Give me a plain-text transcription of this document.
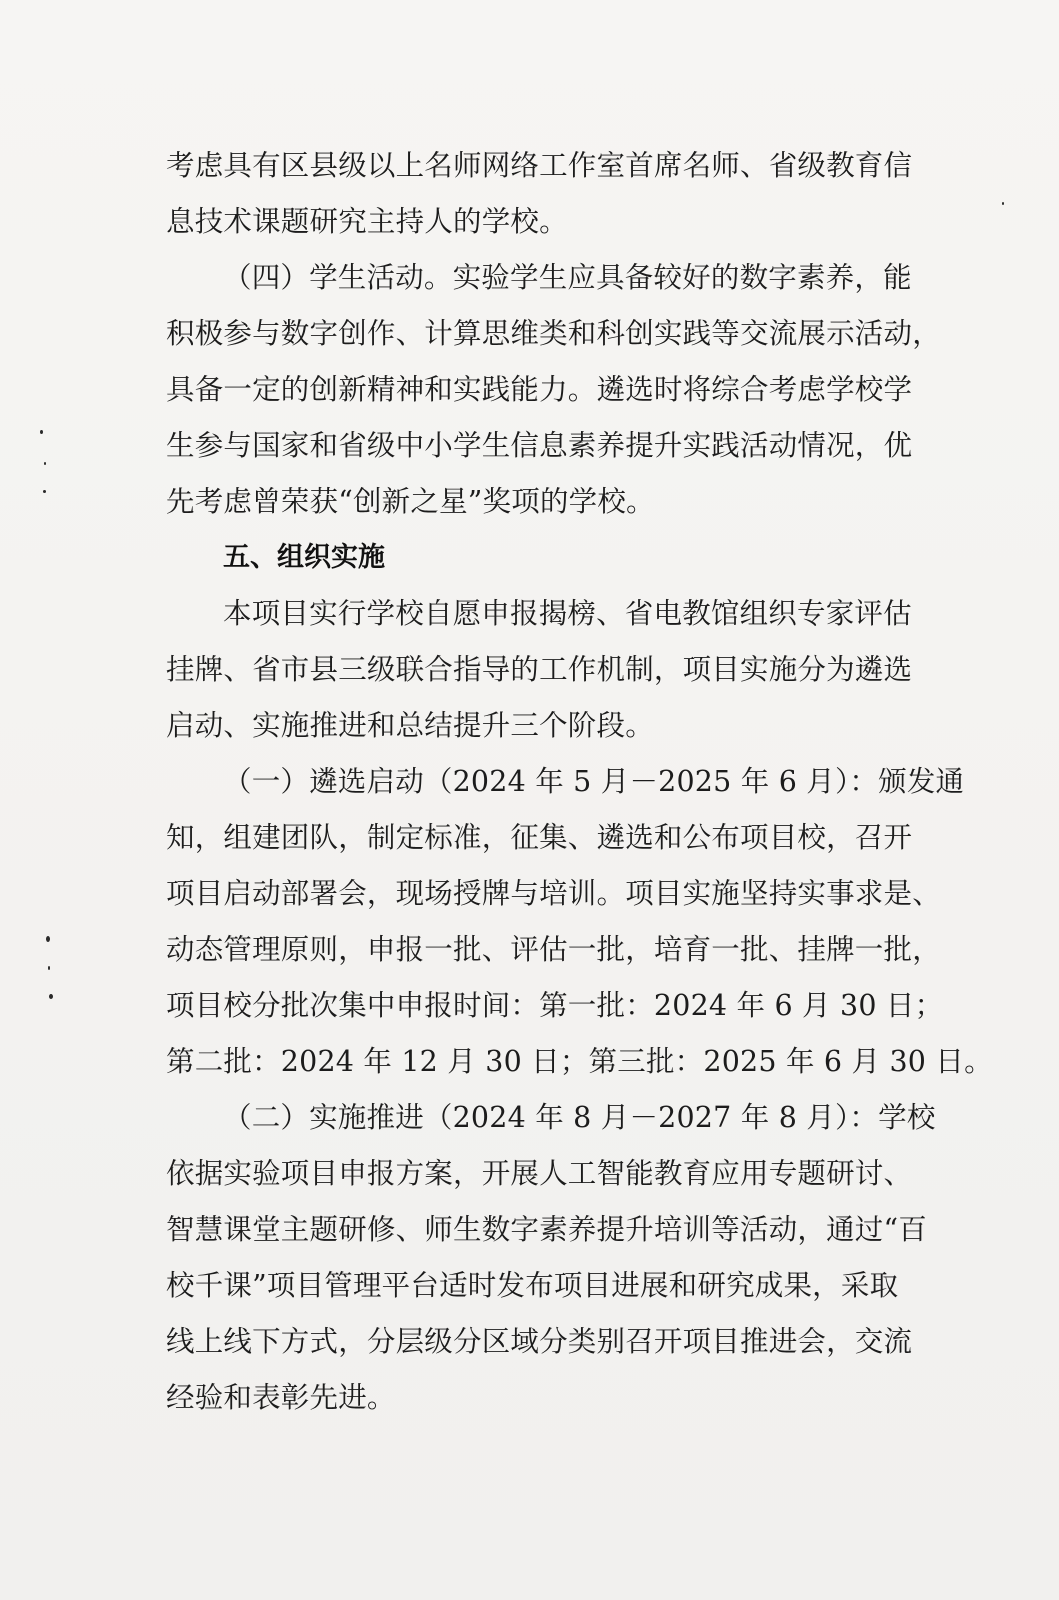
考虑具有区县级以上名师网络工作室首席名师、省级教育信
息技术课题研究主持人的学校。
（四）学生活动。实验学生应具备较好的数字素养，能
积极参与数字创作、计算思维类和科创实践等交流展示活动，
具备一定的创新精神和实践能力。遴选时将综合考虑学校学
生参与国家和省级中小学生信息素养提升实践活动情况，优
先考虑曾荣获“创新之星”奖项的学校。
五、组织实施
本项目实行学校自愿申报揭榜、省电教馆组织专家评估
挂牌、省市县三级联合指导的工作机制，项目实施分为遴选
启动、实施推进和总结提升三个阶段。
（一）遴选启动（2024 年 5 月－2025 年 6 月）：颁发通
知，组建团队，制定标准，征集、遴选和公布项目校，召开
项目启动部署会，现场授牌与培训。项目实施坚持实事求是、
动态管理原则，申报一批、评估一批，培育一批、挂牌一批，
项目校分批次集中申报时间：第一批：2024 年 6 月 30 日；
第二批：2024 年 12 月 30 日；第三批：2025 年 6 月 30 日。
（二）实施推进（2024 年 8 月－2027 年 8 月）：学校
依据实验项目申报方案，开展人工智能教育应用专题研讨、
智慧课堂主题研修、师生数字素养提升培训等活动，通过“百
校千课”项目管理平台适时发布项目进展和研究成果，采取
线上线下方式，分层级分区域分类别召开项目推进会，交流
经验和表彰先进。
